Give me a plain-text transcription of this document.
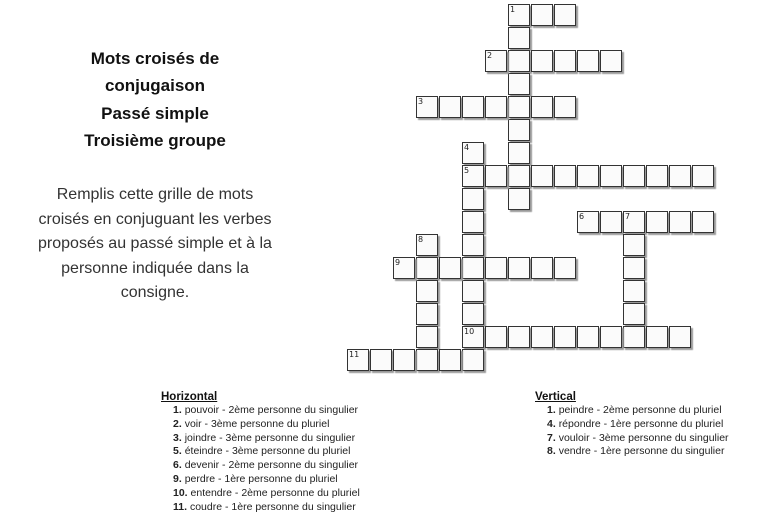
Mots croisés de
conjugaison
Passé simple
Troisième groupe
Remplis cette grille de mots croisés en conjuguant les verbes proposés au passé simple et à la personne indiquée dans la consigne.
1
2
3
4
5
10
6	7
8
9
11
Horizontal
1. pouvoir - 2ème personne du singulier
2. voir - 3ème personne du pluriel
3. joindre - 3ème personne du singulier
5. éteindre - 3ème personne du pluriel
6. devenir - 2ème personne du singulier
9. perdre - 1ère personne du pluriel
10. entendre - 2ème personne du pluriel
11. coudre - 1ère personne du singulier
Vertical
1. peindre - 2ème personne du pluriel
4. répondre - 1ère personne du pluriel
7. vouloir - 3ème personne du singulier
8. vendre - 1ère personne du singulier
